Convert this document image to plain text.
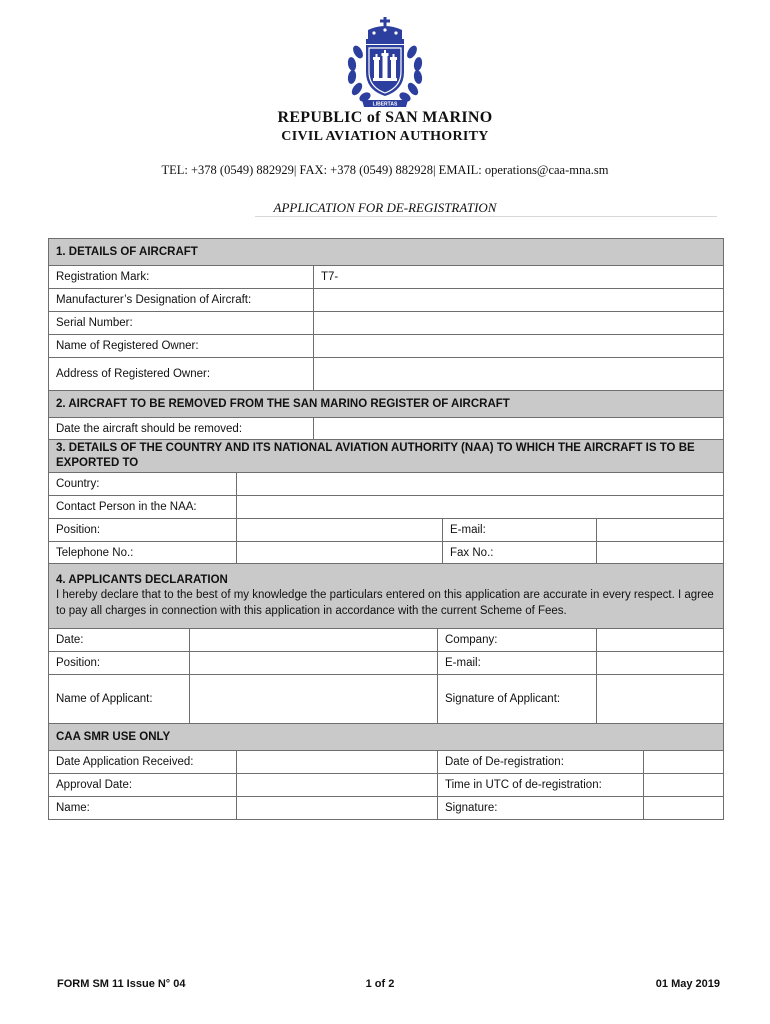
LIBERTAS
REPUBLIC of SAN MARINO
CIVIL AVIATION AUTHORITY
TEL: +378 (0549) 882929| FAX: +378 (0549) 882928| EMAIL: operations@caa-mna.sm
APPLICATION FOR DE-REGISTRATION
1. DETAILS OF AIRCRAFT							
Registration Mark:			T7-				
Manufacturer’s Designation of Aircraft:							
Serial Number:							
Name of Registered Owner:							
Address of Registered Owner:							
2. AIRCRAFT TO BE REMOVED FROM THE SAN MARINO REGISTER OF AIRCRAFT							
Date the aircraft should be removed:							
3. DETAILS OF THE COUNTRY AND ITS NATIONAL AVIATION AUTHORITY (NAA) TO WHICH THE AIRCRAFT IS TO BE EXPORTED TO							
Country:							
Contact Person in the NAA:							
Position:					E-mail:		
Telephone No.:					Fax No.:		

4. APPLICANTS DECLARATION
I hereby declare that to the best of my knowledge the particulars entered on this application are accurate in every respect. I agree to pay all charges in connection with this application in accordance with the current Scheme of Fees.							
Date:				Company:			
Position:				E-mail:			
Name of Applicant:				Signature of Applicant:			
CAA SMR USE ONLY							
Date Application Received:				Date of De-registration:			
Approval Date:				Time in UTC of de-registration:			
Name:				Signature:			
FORM SM 11 Issue N° 04	1 of 2	01 May 2019
